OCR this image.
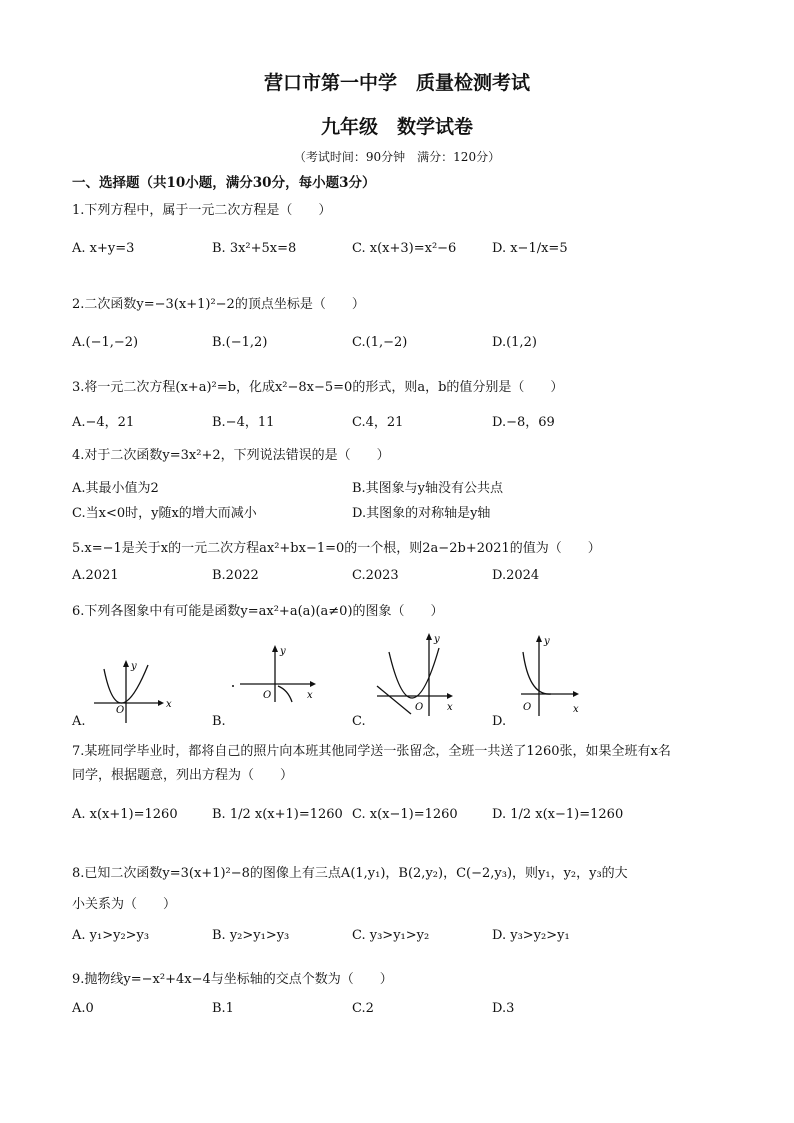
营口市第一中学　质量检测考试
九年级　数学试卷
（考试时间：90分钟　满分：120分）
一、选择题（共10小题，满分30分，每小题3分）
1.下列方程中，属于一元二次方程是（　　）
A. x+y=3	B. 3x²+5x=8	C. x(x+3)=x²−6	D. x−1/x=5
2.二次函数y=−3(x+1)²−2的顶点坐标是（　　）
A.(−1,−2)	B.(−1,2)	C.(1,−2)	D.(1,2)
3.将一元二次方程(x+a)²=b，化成x²−8x−5=0的形式，则a，b的值分别是（　　）
A.−4，21	B.−4，11	C.4，21	D.−8，69
4.对于二次函数y=3x²+2，下列说法错误的是（　　）
A.其最小值为2	B.其图象与y轴没有公共点
C.当x<0时，y随x的增大而减小	D.其图象的对称轴是y轴
5.x=−1是关于x的一元二次方程ax²+bx−1=0的一个根，则2a−2b+2021的值为（　　）
A.2021	B.2022	C.2023	D.2024
6.下列各图象中有可能是函数y=ax²+a(a)(a≠0)的图象（　　）
y
x
O
A.
y
x
O
B.
y
x
O
C.
y
x
O
D.
7.某班同学毕业时，都将自己的照片向本班其他同学送一张留念，全班一共送了1260张，如果全班有x名
同学，根据题意，列出方程为（　　）
A. x(x+1)=1260	B. 1/2 x(x+1)=1260 C. x(x−1)=1260	D. 1/2 x(x−1)=1260
8.已知二次函数y=3(x+1)²−8的图像上有三点A(1,y₁)，B(2,y₂)，C(−2,y₃)，则y₁，y₂，y₃的大
小关系为（　　）
A. y₁>y₂>y₃	B. y₂>y₁>y₃	C. y₃>y₁>y₂	D. y₃>y₂>y₁
9.抛物线y=−x²+4x−4与坐标轴的交点个数为（　　）
A.0	B.1	C.2	D.3
